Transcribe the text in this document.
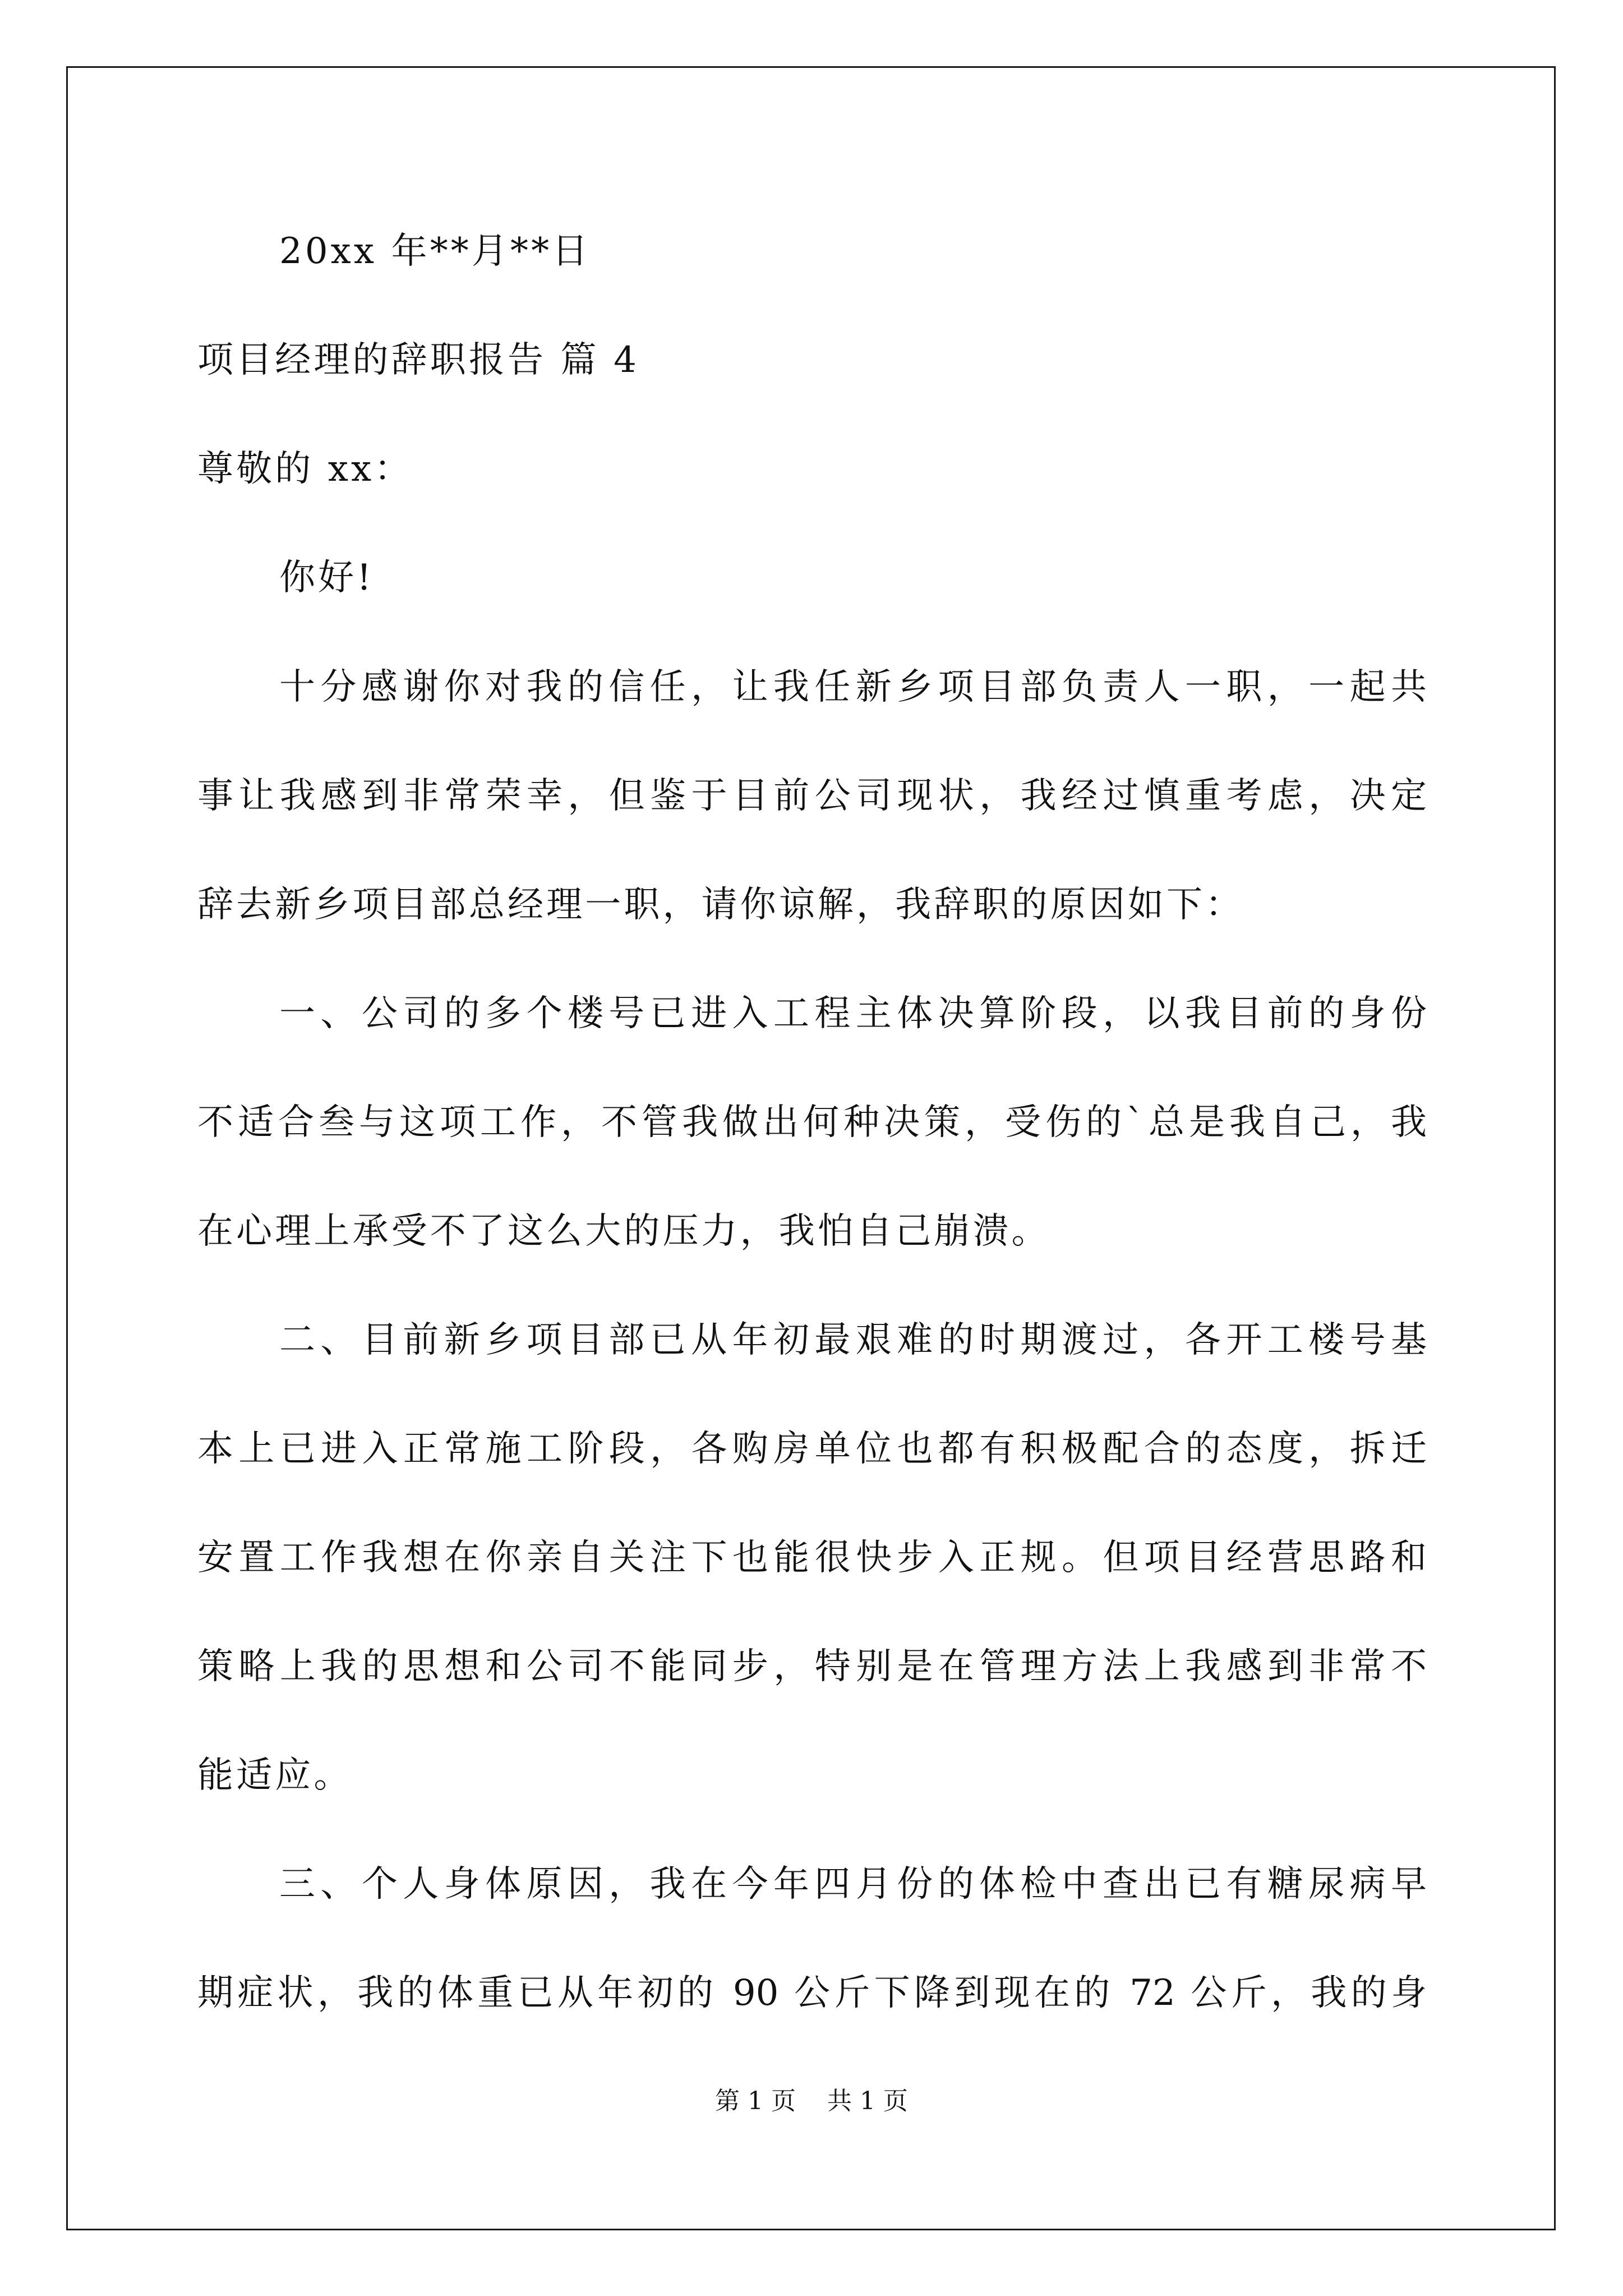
20xx 年**月**日
项目经理的辞职报告 篇 4
尊敬的 xx：
你好!
十分感谢你对我的信任，让我任新乡项目部负责人一职，一起共
事让我感到非常荣幸，但鉴于目前公司现状，我经过慎重考虑，决定
辞去新乡项目部总经理一职，请你谅解，我辞职的原因如下：
一、公司的多个楼号已进入工程主体决算阶段，以我目前的身份
不适合叁与这项工作，不管我做出何种决策，受伤的`总是我自己，我
在心理上承受不了这么大的压力，我怕自己崩溃。
二、目前新乡项目部已从年初最艰难的时期渡过，各开工楼号基
本上已进入正常施工阶段，各购房单位也都有积极配合的态度，拆迁
安置工作我想在你亲自关注下也能很快步入正规。但项目经营思路和
策略上我的思想和公司不能同步，特别是在管理方法上我感到非常不
能适应。
三、个人身体原因，我在今年四月份的体检中查出已有糖尿病早
期症状，我的体重已从年初的 90 公斤下降到现在的 72 公斤，我的身
第 1 页    共 1 页
